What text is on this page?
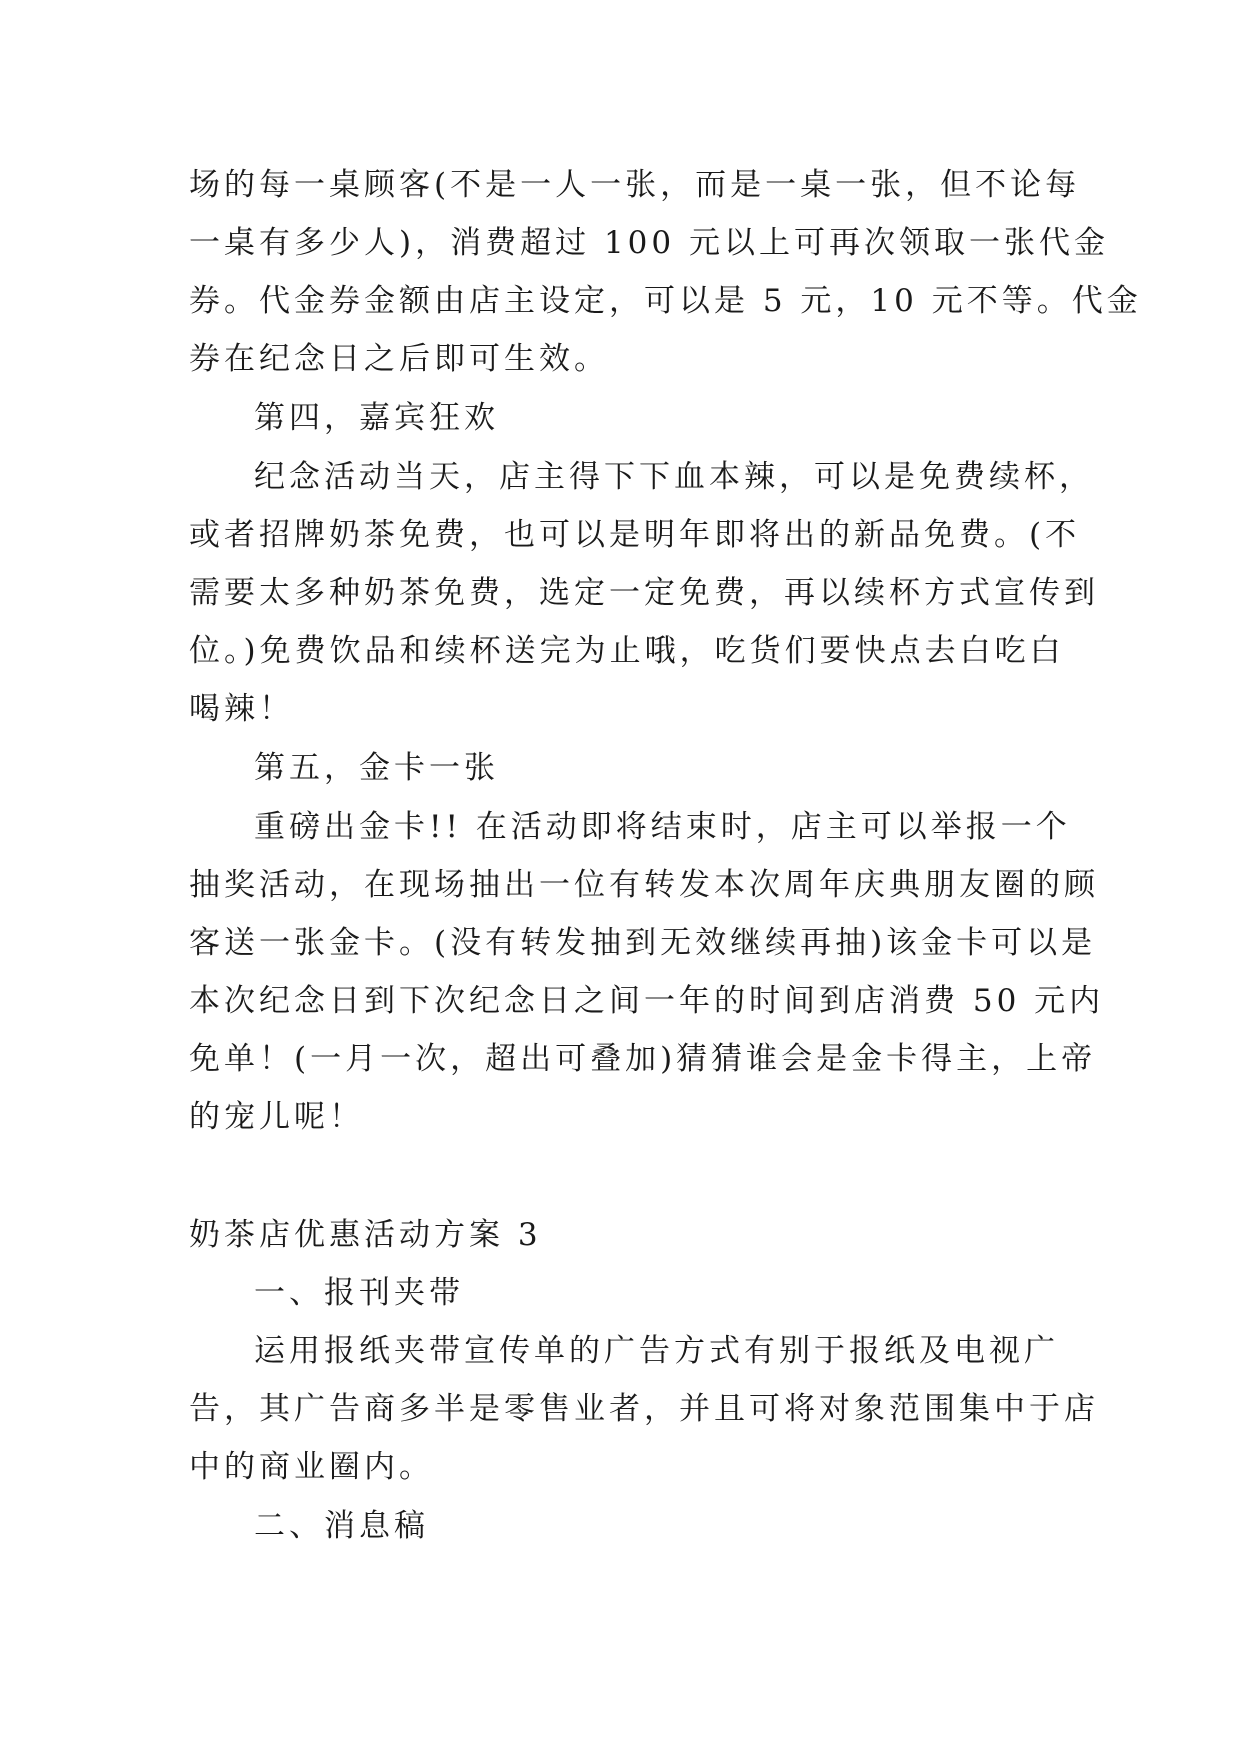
场的每一桌顾客(不是一人一张，而是一桌一张，但不论每

一桌有多少人)，消费超过 100 元以上可再次领取一张代金

券。代金券金额由店主设定，可以是 5 元，10 元不等。代金

券在纪念日之后即可生效。

第四，嘉宾狂欢

纪念活动当天，店主得下下血本辣，可以是免费续杯，

或者招牌奶茶免费，也可以是明年即将出的新品免费。(不

需要太多种奶茶免费，选定一定免费，再以续杯方式宣传到

位。)免费饮品和续杯送完为止哦，吃货们要快点去白吃白

喝辣！

第五，金卡一张

重磅出金卡!! 在活动即将结束时，店主可以举报一个

抽奖活动，在现场抽出一位有转发本次周年庆典朋友圈的顾

客送一张金卡。(没有转发抽到无效继续再抽)该金卡可以是

本次纪念日到下次纪念日之间一年的时间到店消费 50 元内

免单！(一月一次，超出可叠加)猜猜谁会是金卡得主，上帝

的宠儿呢！

奶茶店优惠活动方案 3

一、报刊夹带

运用报纸夹带宣传单的广告方式有别于报纸及电视广

告，其广告商多半是零售业者，并且可将对象范围集中于店

中的商业圈内。

二、消息稿
